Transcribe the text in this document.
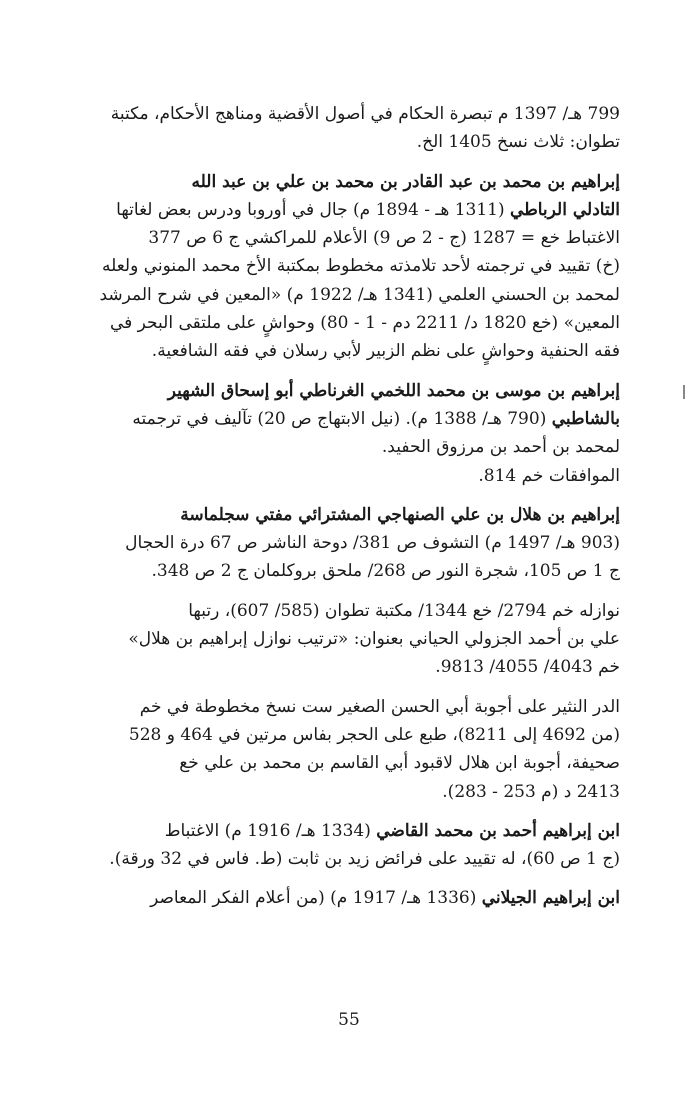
799 هـ/ 1397 م تبصرة الحكام في أصول الأقضية ومناهج الأحكام، مكتبة
تطوان: ثلاث نسخ 1405 الخ.
إبراهيم بن محمد بن عبد القادر بن محمد بن علي بن عبد الله
التادلي الرباطي (1311 هـ - 1894 م) جال في أوروبا ودرس بعض لغاتها
الاغتباط خع = 1287 (ج - 2 ص 9) الأعلام للمراكشي ج 6 ص 377
(خ) تقييد في ترجمته لأحد تلامذته مخطوط بمكتبة الأخ محمد المنوني ولعله
لمحمد بن الحسني العلمي (1341 هـ/ 1922 م) «المعين في شرح المرشد
المعين» (خع 1820 د/ 2211 دم - 1 - 80) وحواشٍ على ملتقى البحر في
فقه الحنفية وحواشٍ على نظم الزبير لأبي رسلان في فقه الشافعية.
إبراهيم بن موسى بن محمد اللخمي الغرناطي أبو إسحاق الشهير
بالشاطبي (790 هـ/ 1388 م). (نيل الابتهاج ص 20) تآليف في ترجمته
لمحمد بن أحمد بن مرزوق الحفيد.
الموافقات خم 814.
إبراهيم بن هلال بن علي الصنهاجي المشترائي مفتي سجلماسة
(903 هـ/ 1497 م) التشوف ص 381/ دوحة الناشر ص 67 درة الحجال
ج 1 ص 105، شجرة النور ص 268/ ملحق بروكلمان ج 2 ص 348.
نوازله خم 2794/ خع 1344/ مكتبة تطوان (585/ 607)، رتبها
علي بن أحمد الجزولي الحياني بعنوان: «ترتيب نوازل إبراهيم بن هلال»
خم 4043/ 4055/ 9813.
الدر النثير على أجوبة أبي الحسن الصغير ست نسخ مخطوطة في خم
(من 4692 إلى 8211)، طبع على الحجر بفاس مرتين في 464 و 528
صحيفة، أجوبة ابن هلال لاقبود أبي القاسم بن محمد بن علي خع
2413 د (م 253 - 283).
ابن إبراهيم أحمد بن محمد القاضي (1334 هـ/ 1916 م) الاغتباط
(ج 1 ص 60)، له تقييد على فرائض زيد بن ثابت (ط. فاس في 32 ورقة).
ابن إبراهيم الجيلاني (1336 هـ/ 1917 م) (من أعلام الفكر المعاصر
55
